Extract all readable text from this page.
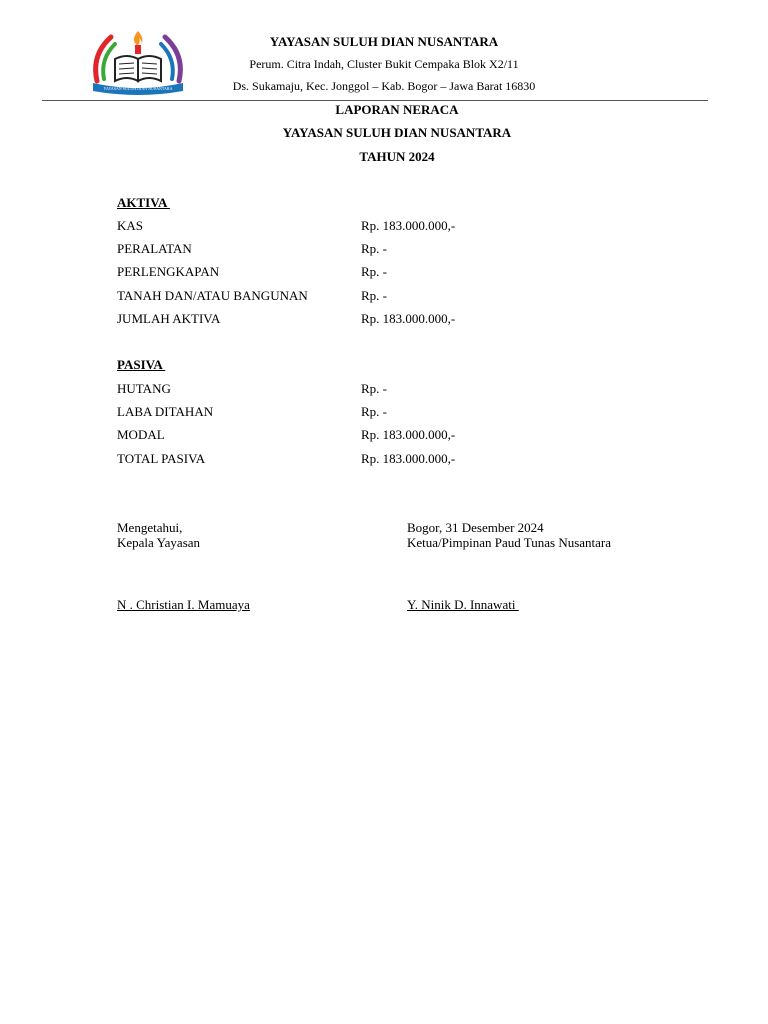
YAYASAN SULUH DIAN NUSANTARA
YAYASAN SULUH DIAN NUSANTARA
Perum. Citra Indah, Cluster Bukit Cempaka Blok X2/11
Ds. Sukamaju, Kec. Jonggol – Kab. Bogor – Jawa Barat 16830
LAPORAN NERACA
YAYASAN SULUH DIAN NUSANTARA
TAHUN 2024
AKTIVA
KAS	Rp. 183.000.000,-
PERALATAN	Rp. -
PERLENGKAPAN	Rp. -
TANAH DAN/ATAU BANGUNAN	Rp. -
JUMLAH AKTIVA	Rp. 183.000.000,-
PASIVA
HUTANG	Rp. -
LABA DITAHAN	Rp. -
MODAL	Rp. 183.000.000,-
TOTAL PASIVA	Rp. 183.000.000,-
Mengetahui,
Kepala Yayasan
N . Christian I. Mamuaya
Bogor, 31 Desember 2024
Ketua/Pimpinan Paud Tunas Nusantara
Y. Ninik D. Innawati
